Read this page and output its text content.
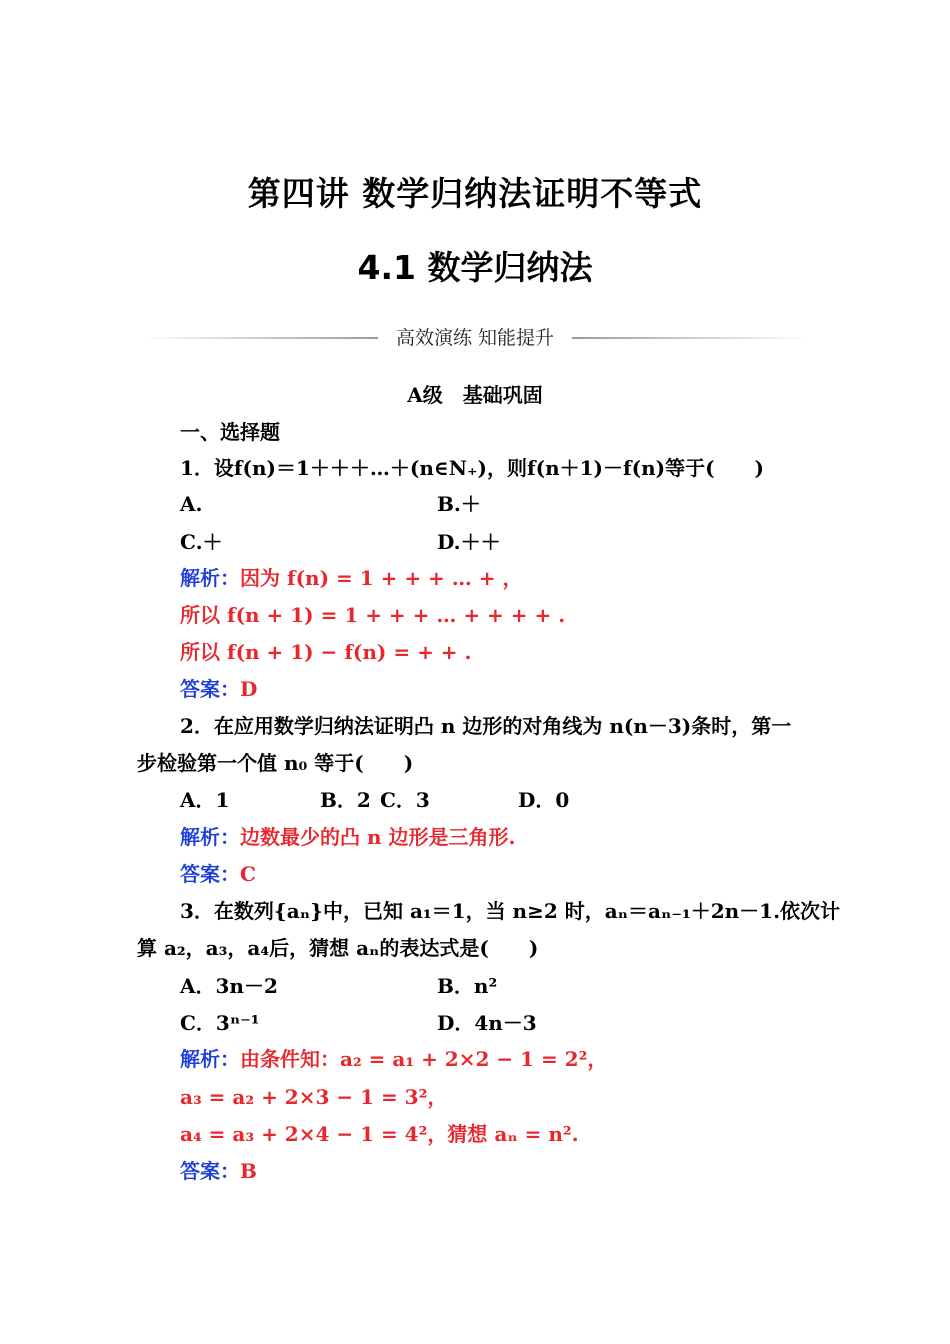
第四讲 数学归纳法证明不等式
4.1 数学归纳法
高效演练 知能提升
A级　基础巩固
一、选择题
1．设f(n)＝1＋＋＋…＋(n∈N₊)，则f(n＋1)－f(n)等于(　　)
A.	B.＋
C.＋	D.＋＋
解析：因为 f(n) = 1 + + + … + ，
所以 f(n + 1) = 1 + + + … + + + + .
所以 f(n + 1) − f(n) = + + .
答案：D
2．在应用数学归纳法证明凸 n 边形的对角线为 n(n－3)条时，第一
步检验第一个值 n₀ 等于(　　)
A．1	B．2 C．3	D．0
解析：边数最少的凸 n 边形是三角形.
答案：C
3．在数列{aₙ}中，已知 a₁＝1，当 n≥2 时，aₙ＝aₙ₋₁＋2n－1.依次计
算 a₂，a₃，a₄后，猜想 aₙ的表达式是(　　)
A．3n－2	B．n²
C．3ⁿ⁻¹	D．4n－3
解析：由条件知：a₂ = a₁ + 2×2 − 1 = 2²，
a₃ = a₂ + 2×3 − 1 = 3²，
a₄ = a₃ + 2×4 − 1 = 4²，猜想 aₙ = n².
答案：B
